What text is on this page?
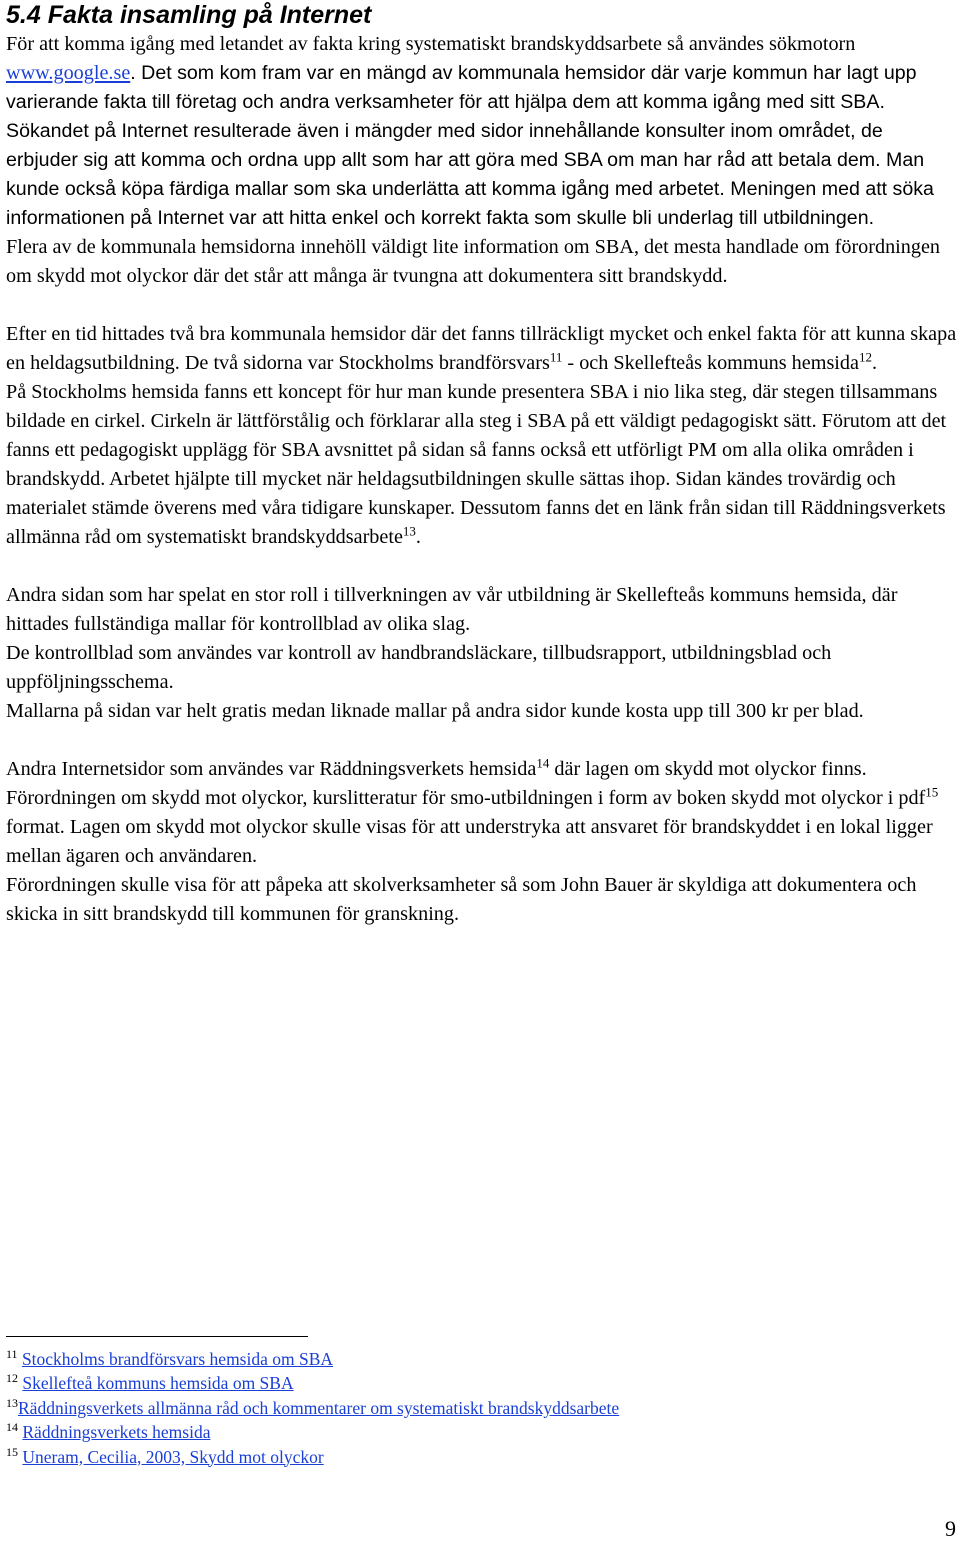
5.4 Fakta insamling på Internet
För att komma igång med letandet av fakta kring systematiskt brandskyddsarbete så användes sökmotorn www.google.se. Det som kom fram var en mängd av kommunala hemsidor där varje kommun har lagt upp varierande fakta till företag och andra verksamheter för att hjälpa dem att komma igång med sitt SBA. Sökandet på Internet resulterade även i mängder med sidor innehållande konsulter inom området, de erbjuder sig att komma och ordna upp allt som har att göra med SBA om man har råd att betala dem. Man kunde också köpa färdiga mallar som ska underlätta att komma igång med arbetet. Meningen med att söka informationen på Internet var att hitta enkel och korrekt fakta som skulle bli underlag till utbildningen.

Flera av de kommunala hemsidorna innehöll väldigt lite information om SBA, det mesta handlade om förordningen om skydd mot olyckor där det står att många är tvungna att dokumentera sitt brandskydd.

Efter en tid hittades två bra kommunala hemsidor där det fanns tillräckligt mycket och enkel fakta för att kunna skapa en heldagsutbildning. De två sidorna var Stockholms brandförsvars$^{11}$ - och Skellefteås kommuns hemsida$^{12}$.

På Stockholms hemsida fanns ett koncept för hur man kunde presentera SBA i nio lika steg, där stegen tillsammans bildade en cirkel. Cirkeln är lättförstålig och förklarar alla steg i SBA på ett väldigt pedagogiskt sätt. Förutom att det fanns ett pedagogiskt upplägg för SBA avsnittet på sidan så fanns också ett utförligt PM om alla olika områden i brandskydd. Arbetet hjälpte till mycket när heldagsutbildningen skulle sättas ihop. Sidan kändes trovärdig och materialet stämde överens med våra tidigare kunskaper. Dessutom fanns det en länk från sidan till Räddningsverkets allmänna råd om systematiskt brandskyddsarbete$^{13}$.

Andra sidan som har spelat en stor roll i tillverkningen av vår utbildning är Skellefteås kommuns hemsida, där hittades fullständiga mallar för kontrollblad av olika slag.

De kontrollblad som användes var kontroll av handbrandsläckare, tillbudsrapport, utbildningsblad och uppföljningsschema.

Mallarna på sidan var helt gratis medan liknade mallar på andra sidor kunde kosta upp till 300 kr per blad.

Andra Internetsidor som användes var Räddningsverkets hemsida$^{14}$ där lagen om skydd mot olyckor finns. Förordningen om skydd mot olyckor, kurslitteratur för smo-utbildningen i form av boken skydd mot olyckor i pdf$^{15}$ format. Lagen om skydd mot olyckor skulle visas för att understryka att ansvaret för brandskyddet i en lokal ligger mellan ägaren och användaren.

Förordningen skulle visa för att påpeka att skolverksamheter så som John Bauer är skyldiga att dokumentera och skicka in sitt brandskydd till kommunen för granskning.

$^{11}$ Stockholms brandförsvars hemsida om SBA
$^{12}$ Skellefteå kommuns hemsida om SBA
$^{13}$Räddningsverkets allmänna råd och kommentarer om systematiskt brandskyddsarbete
$^{14}$ Räddningsverkets hemsida
$^{15}$ Uneram, Cecilia, 2003, Skydd mot olyckor
9
